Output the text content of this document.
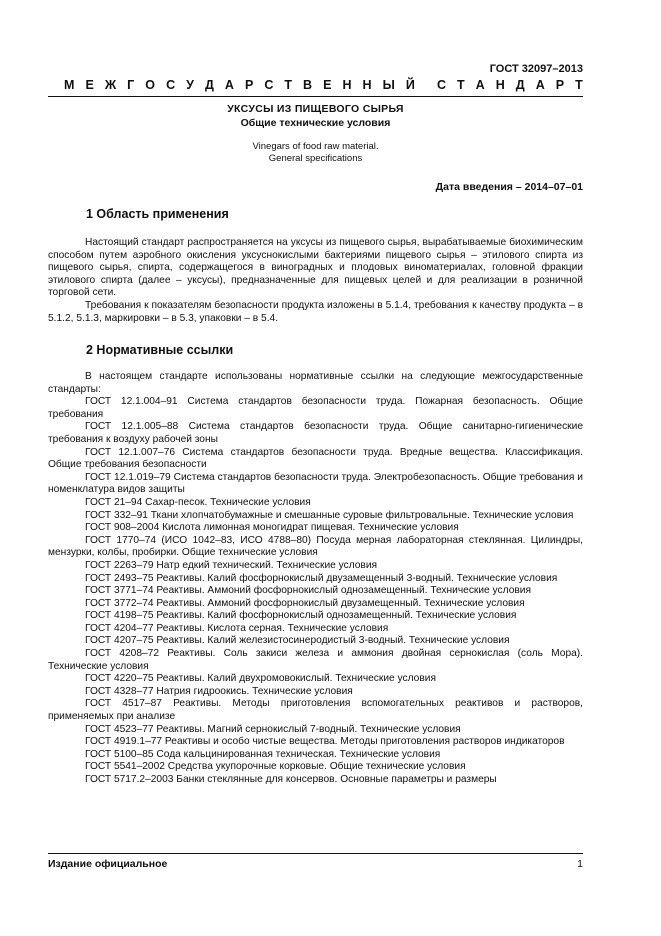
ГОСТ 32097–2013
М Е Ж Г О С У Д А Р С Т В Е Н Н Ы Й С Т А Н Д А Р Т
УКСУСЫ ИЗ ПИЩЕВОГО СЫРЬЯ
Общие технические условия
Vinegars of food raw material.
General specifications
Дата введения – 2014–07–01
1 Область применения

Настоящий стандарт распространяется на уксусы из пищевого сырья, вырабатываемые биохимическим способом путем аэробного окисления уксуснокислыми бактериями пищевого сырья – этилового спирта из пищевого сырья, спирта, содержащегося в виноградных и плодовых виноматериалах, головной фракции этилового спирта (далее – уксусы), предназначенные для пищевых целей и для реализации в розничной торговой сети.

Требования к показателям безопасности продукта изложены в 5.1.4, требования к качеству продукта – в 5.1.2, 5.1.3, маркировки – в 5.3, упаковки – в 5.4.

2 Нормативные ссылки

В настоящем стандарте использованы нормативные ссылки на следующие межгосударственные стандарты:

ГОСТ 12.1.004–91 Система стандартов безопасности труда. Пожарная безопасность. Общие требования

ГОСТ 12.1.005–88 Система стандартов безопасности труда. Общие санитарно-гигиенические требования к воздуху рабочей зоны

ГОСТ 12.1.007–76 Система стандартов безопасности труда. Вредные вещества. Классификация. Общие требования безопасности

ГОСТ 12.1.019–79 Система стандартов безопасности труда. Электробезопасность. Общие требования и номенклатура видов защиты

ГОСТ 21–94 Сахар-песок. Технические условия

ГОСТ 332–91 Ткани хлопчатобумажные и смешанные суровые фильтровальные. Технические условия

ГОСТ 908–2004 Кислота лимонная моногидрат пищевая. Технические условия

ГОСТ 1770–74 (ИСО 1042–83, ИСО 4788–80) Посуда мерная лабораторная стеклянная. Цилиндры, мензурки, колбы, пробирки. Общие технические условия

ГОСТ 2263–79 Натр едкий технический. Технические условия

ГОСТ 2493–75 Реактивы. Калий фосфорнокислый двузамещенный 3-водный. Технические условия

ГОСТ 3771–74 Реактивы. Аммоний фосфорнокислый однозамещенный. Технические условия

ГОСТ 3772–74 Реактивы. Аммоний фосфорнокислый двузамещенный. Технические условия

ГОСТ 4198–75 Реактивы. Калий фосфорнокислый однозамещенный. Технические условия

ГОСТ 4204–77 Реактивы. Кислота серная. Технические условия

ГОСТ 4207–75 Реактивы. Калий железистосинеродистый 3-водный. Технические условия

ГОСТ 4208–72 Реактивы. Соль закиси железа и аммония двойная сернокислая (соль Мора). Технические условия

ГОСТ 4220–75 Реактивы. Калий двухромовокислый. Технические условия

ГОСТ 4328–77 Натрия гидроокись. Технические условия

ГОСТ 4517–87 Реактивы. Методы приготовления вспомогательных реактивов и растворов, применяемых при анализе

ГОСТ 4523–77 Реактивы. Магний сернокислый 7-водный. Технические условия

ГОСТ 4919.1–77 Реактивы и особо чистые вещества. Методы приготовления растворов индикаторов

ГОСТ 5100–85 Сода кальцинированная техническая. Технические условия

ГОСТ 5541–2002 Средства укупорочные корковые. Общие технические условия

ГОСТ 5717.2–2003 Банки стеклянные для консервов. Основные параметры и размеры

Издание официальное	1
